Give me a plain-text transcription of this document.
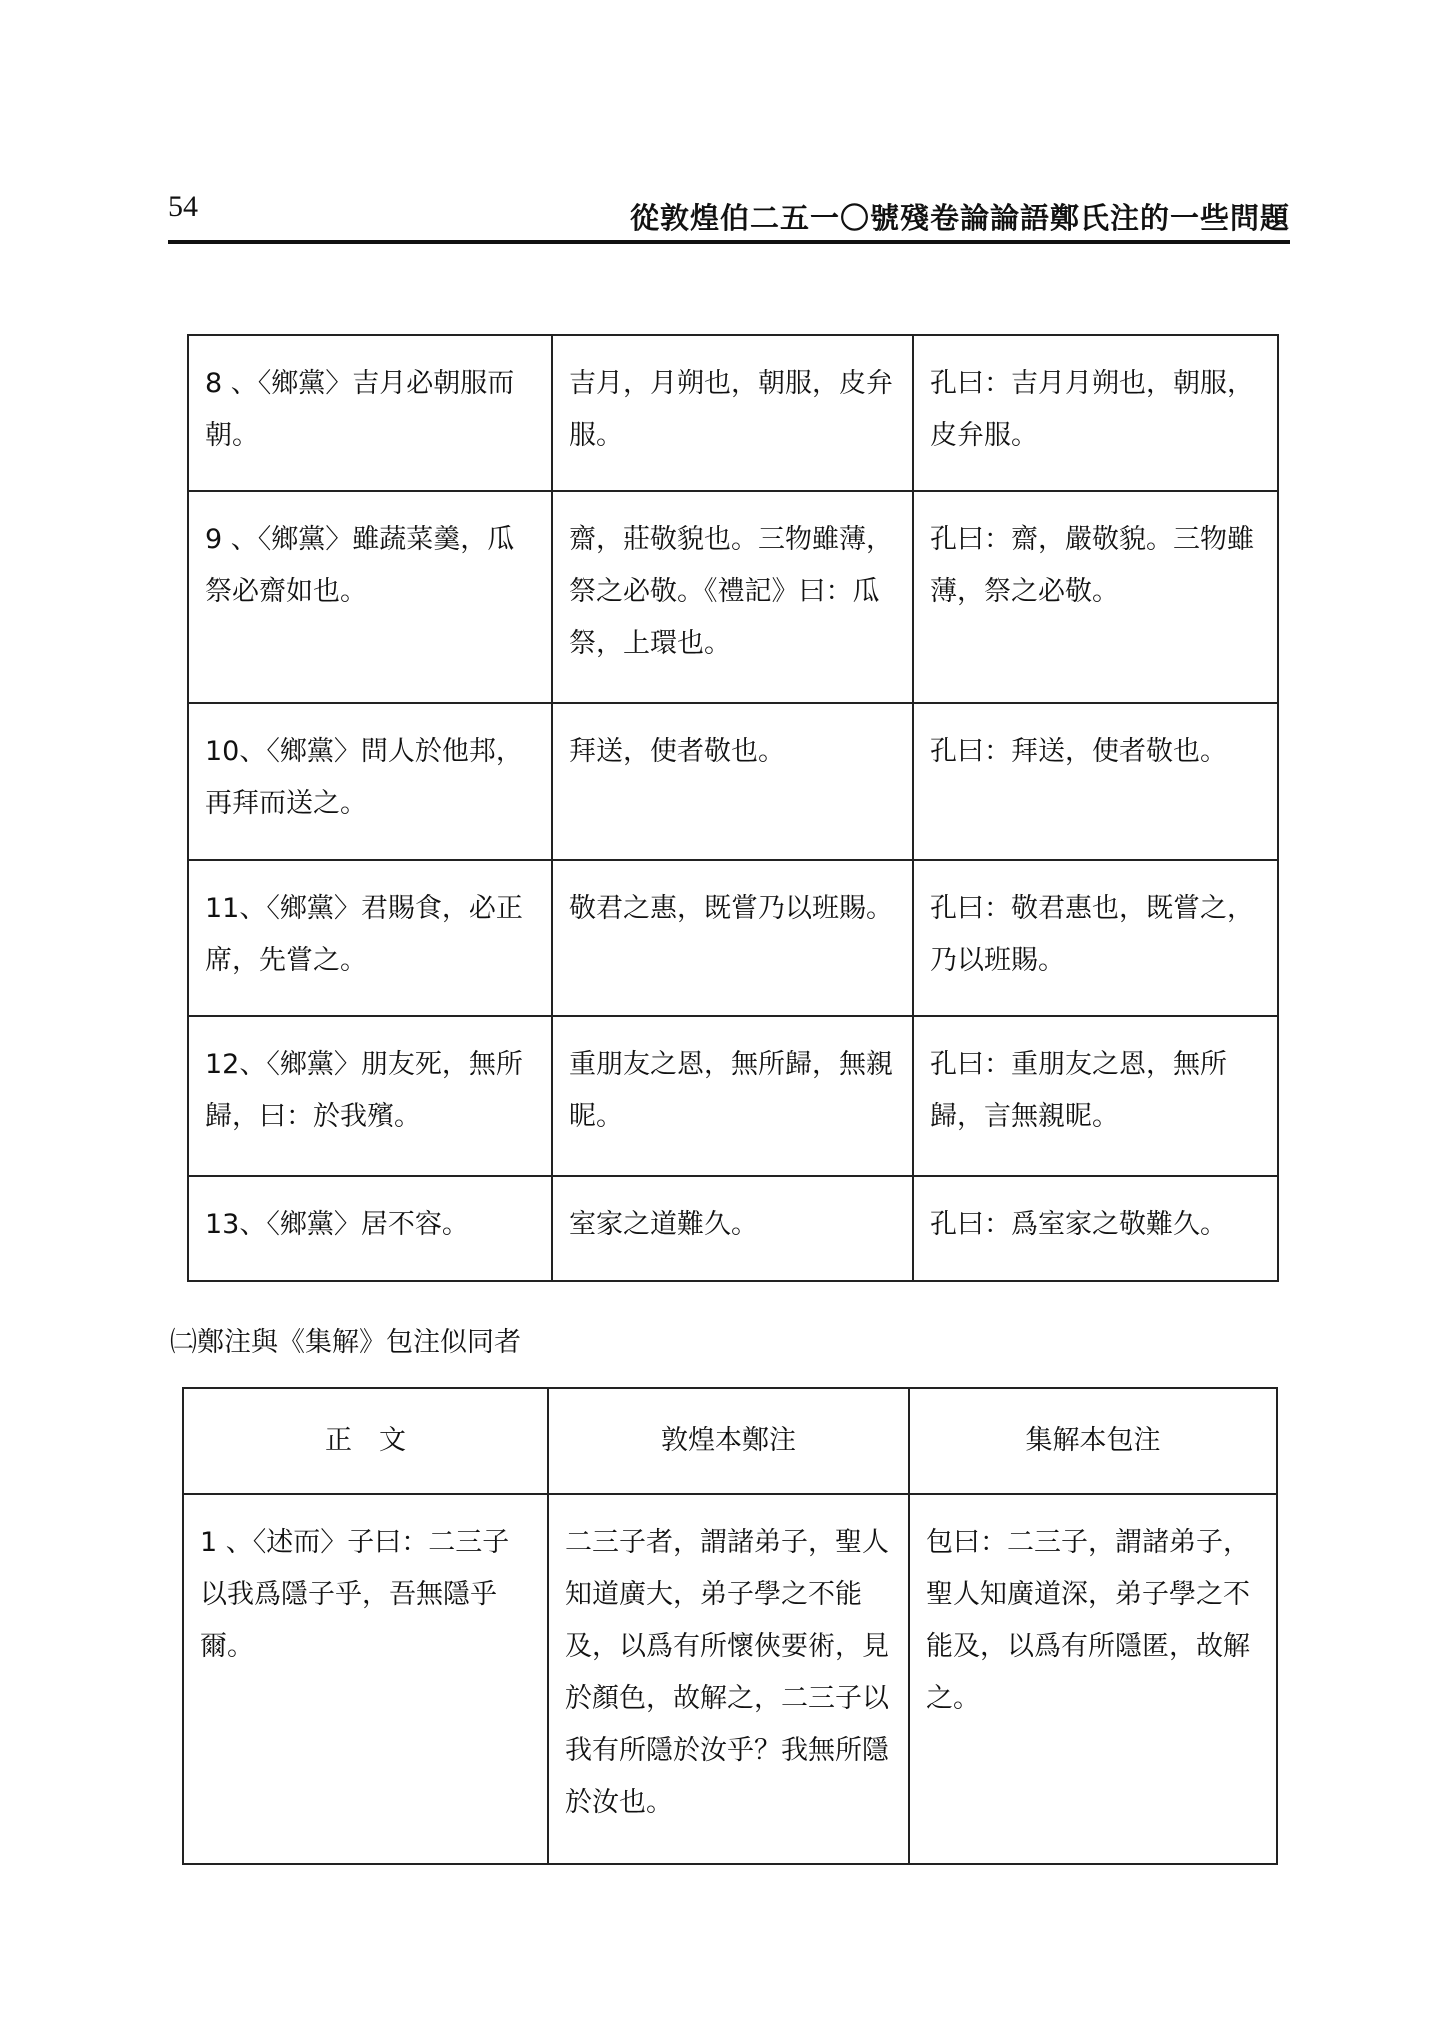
54	從敦煌伯二五一〇號殘卷論論語鄭氏注的一些問題
8 、〈鄉黨〉吉月必朝服而朝。	吉月，月朔也，朝服，皮弁服。	孔曰：吉月月朔也，朝服，皮弁服。

9 、〈鄉黨〉雖蔬菜羹，瓜祭必齋如也。	齋，莊敬貌也。三物雖薄，祭之必敬。《禮記》曰：瓜祭，上環也。	孔曰：齋，嚴敬貌。三物雖薄，祭之必敬。

10、〈鄉黨〉問人於他邦，再拜而送之。	拜送，使者敬也。	孔曰：拜送，使者敬也。

11、〈鄉黨〉君賜食，必正席，先嘗之。	敬君之惠，既嘗乃以班賜。	孔曰：敬君惠也，既嘗之，乃以班賜。

12、〈鄉黨〉朋友死，無所歸，曰：於我殯。	重朋友之恩，無所歸，無親昵。	孔曰：重朋友之恩，無所歸，言無親昵。

13、〈鄉黨〉居不容。	室家之道難久。	孔曰：爲室家之敬難久。
㈡鄭注與《集解》包注似同者
正　文	敦煌本鄭注	集解本包注

1 、〈述而〉子曰：二三子以我爲隱子乎，吾無隱乎爾。	二三子者，謂諸弟子，聖人知道廣大，弟子學之不能及，以爲有所懷俠要術，見於顏色，故解之，二三子以我有所隱於汝乎？我無所隱於汝也。	包曰：二三子，謂諸弟子，聖人知廣道深，弟子學之不能及，以爲有所隱匿，故解之。
